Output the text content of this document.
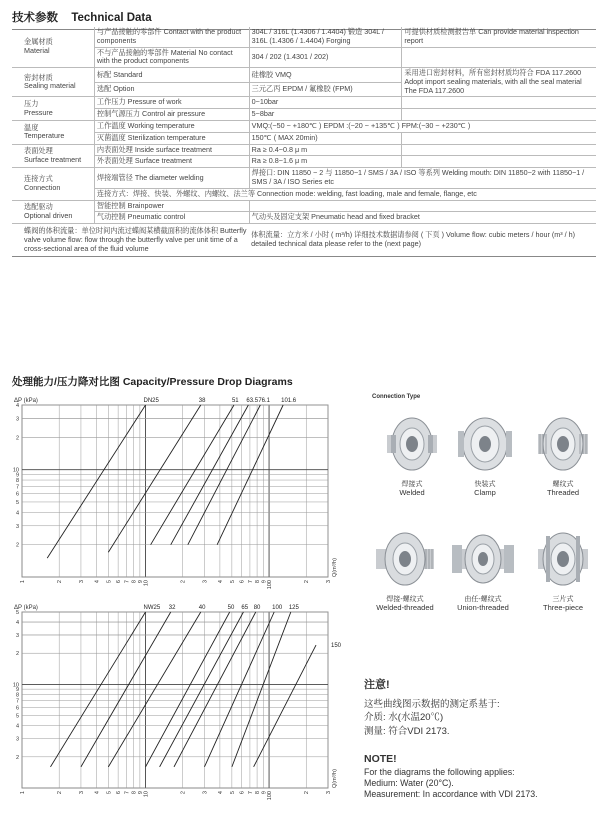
技术参数 Technical Data
金属材质
Material	与产品接触的零部件 Contact with the product components	304L / 316L (1.4306 / 1.4404) 锻造 304L / 316L (1.4306 / 1.4404) Forging	可提供材质检测报告单 Can provide material inspection report
	不与产品接触的零部件 Material No contact with the product components	304 / 202 (1.4301 / 202)	

密封材质
Sealing material	标配 Standard	硅橡胶 VMQ	采用进口密封材料，所有密封材质均符合 FDA 117.2600 Adopt import sealing materials, with all the seal material The FDA 117.2600
	选配 Option	三元乙丙 EPDM / 氟橡胶 (FPM)	

压力
Pressure	工作压力 Pressure of work	0~10bar	
	控制气源压力 Control air pressure	5~8bar	

温度
Temperature	工作温度 Working temperature	VMQ:(−50 ~ +180℃ ) EPDM :(−20 ~ +135℃ ) FPM:(−30 ~ +230℃ )	
	灭菌温度 Sterilization temperature	150℃ ( MAX 20min)	

表面处理
Surface treatment	内表面处理 Inside surface treatment	Ra ≥ 0.4~0.8 μ m	
	外表面处理 Surface treatment	Ra ≥ 0.8~1.6 μ m	

连接方式
Connection	焊接端管径 The diameter welding	焊接口: DIN 11850 − 2 与 11850−1 / SMS / 3A / ISO 等系列 Welding mouth: DIN 11850−2 with 11850−1 / SMS / 3A / ISO Series etc	
	连接方式：焊接、快装、外螺纹、内螺纹、法兰等 Connection mode: welding, fast loading, male and female, flange, etc		

选配驱动
Optional driven	智能控制 Brainpower		
	气动控制 Pneumatic control	气动头及固定支架 Pneumatic head and fixed bracket	
蝶阀的体积流量：单位时间内流过蝶阀某横截面积的流体体积 Butterfly valve volume flow: flow through the butterfly valve per unit time of a cross-sectional area of the fluid volume		体积流量：立方米 / 小时 ( m³/h) 详细技术数据请参阅 ( 下页 ) Volume flow: cubic meters / hour (m³ / h) detailed technical data please refer to the (next page)	
处理能力/压力降对比图 Capacity/Pressure Drop Diagrams
1	2	3 4 5 6 7 8 9 10	2	3 4 5 6 7 8 9 100	2	3
2
3
4
5
6
7
8
9
10
2
3
4
ΔP (kPa)
Q(m³/h)
DN25	38	51 63.5 76.1 101.6
1	2	3 4 5 6 7 8 9 10	2	3 4 5 6 7 8 9 100	2	3
2
3
4
5
6
7
8
9
10
2
3
4
5
ΔP (kPa)
Q(m³/h)
NW25 32	40	50 65 80 100 125
150
Connection Type
焊接式
Welded
快装式
Clamp
螺纹式
Threaded
焊接-螺纹式
Welded-threaded
由任-螺纹式
Union-threaded
三片式
Three-piece
注意!
这些曲线图示数据的测定系基于:
介质: 水(水温20℃)
测量: 符合VDI 2173.
NOTE!
For the diagrams the following applies:
Medium: Water (20°C).
Measurement: In accordance with VDI 2173.
